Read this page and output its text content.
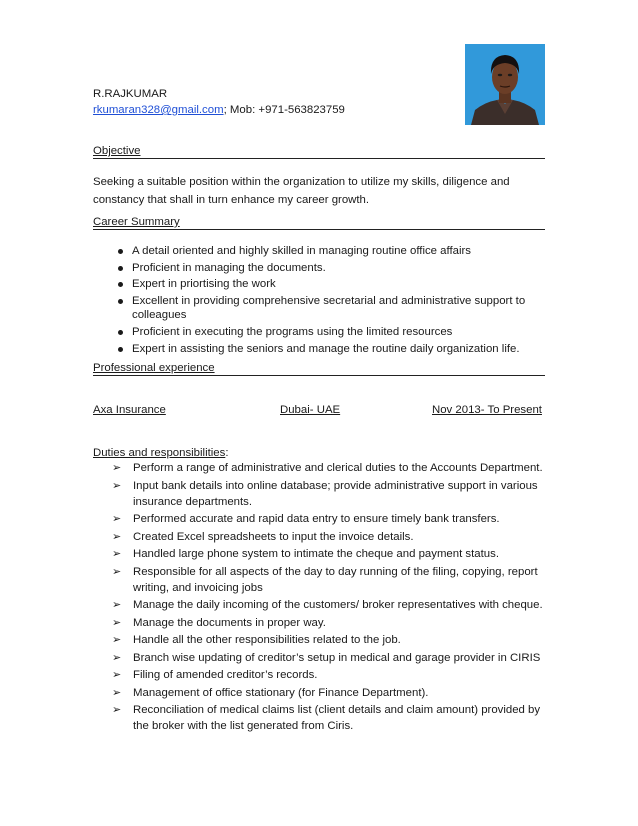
R.RAJKUMAR
rkumaran328@gmail.com; Mob: +971-563823759
Objective
Seeking a suitable position within the organization to utilize my skills, diligence and constancy that shall in turn enhance my career growth.
Career Summary
A detail oriented and highly skilled in managing routine office affairs
Proficient in managing the documents.
Expert in priortising the work
Excellent in providing comprehensive secretarial and administrative support to colleagues
Proficient in executing the programs using the limited resources
Expert in assisting the seniors and manage the routine daily organization life.
Professional experience
Axa Insurance	Dubai- UAE	Nov 2013- To Present
Duties and responsibilities:
➢ Perform a range of administrative and clerical duties to the Accounts Department.
➢ Input bank details into online database; provide administrative support in various insurance departments.
➢ Performed accurate and rapid data entry to ensure timely bank transfers.
➢ Created Excel spreadsheets to input the invoice details.
➢ Handled large phone system to intimate the cheque and payment status.
➢ Responsible for all aspects of the day to day running of the filing, copying, report writing, and invoicing jobs
➢ Manage the daily incoming of the customers/ broker representatives with cheque.
➢ Manage the documents in proper way.
➢ Handle all the other responsibilities related to the job.
➢ Branch wise updating of creditor’s setup in medical and garage provider in CIRIS
➢ Filing of amended creditor’s records.
➢ Management of office stationary (for Finance Department).
➢ Reconciliation of medical claims list (client details and claim amount) provided by the broker with the list generated from Ciris.
